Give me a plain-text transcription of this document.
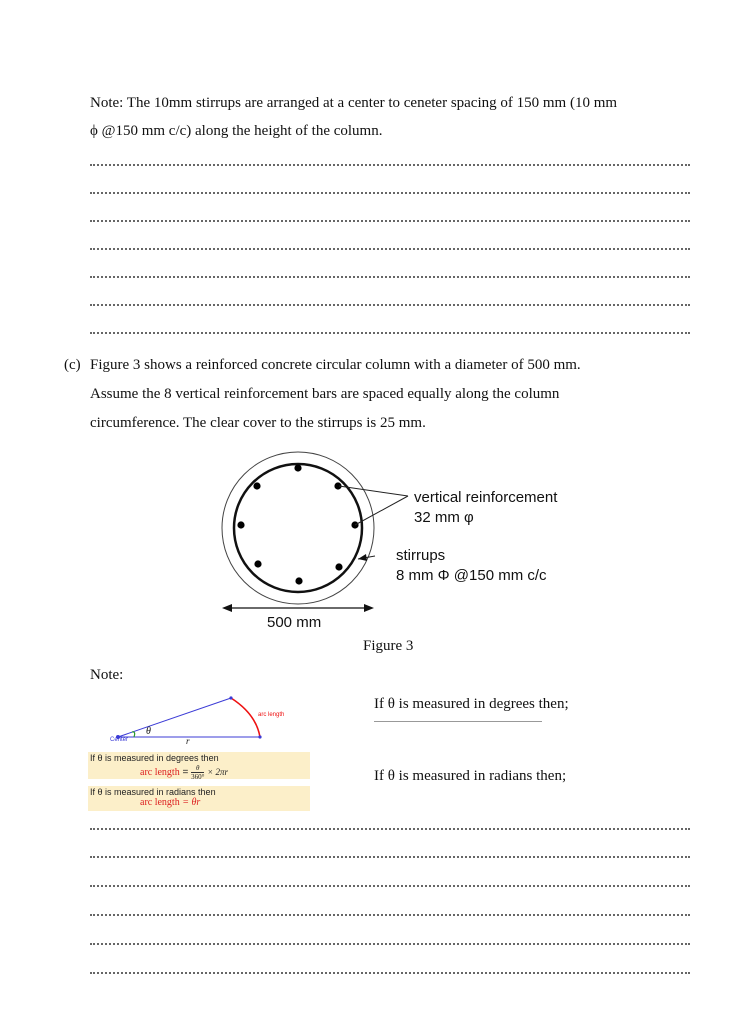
Note: The 10mm stirrups are arranged at a center to ceneter spacing of 150 mm (10 mm
ϕ @150 mm c/c) along the height of the column.
(c) Figure 3 shows a reinforced concrete circular column with a diameter of 500 mm.
Assume the 8 vertical reinforcement bars are spaced equally along the column
circumference. The clear cover to the stirrups is 25 mm.
vertical reinforcement
32 mm φ
stirrups
8 mm Φ @150 mm c/c
500 mm
Figure 3
Note:
arc length
Center
θ
r
If θ is measured in degrees then
arc length = $\frac{\theta}{360^\circ} \times 2\pi r$
If θ is measured in radians then
arc length = θr
If θ is measured in degrees then;
If θ is measured in radians then;
